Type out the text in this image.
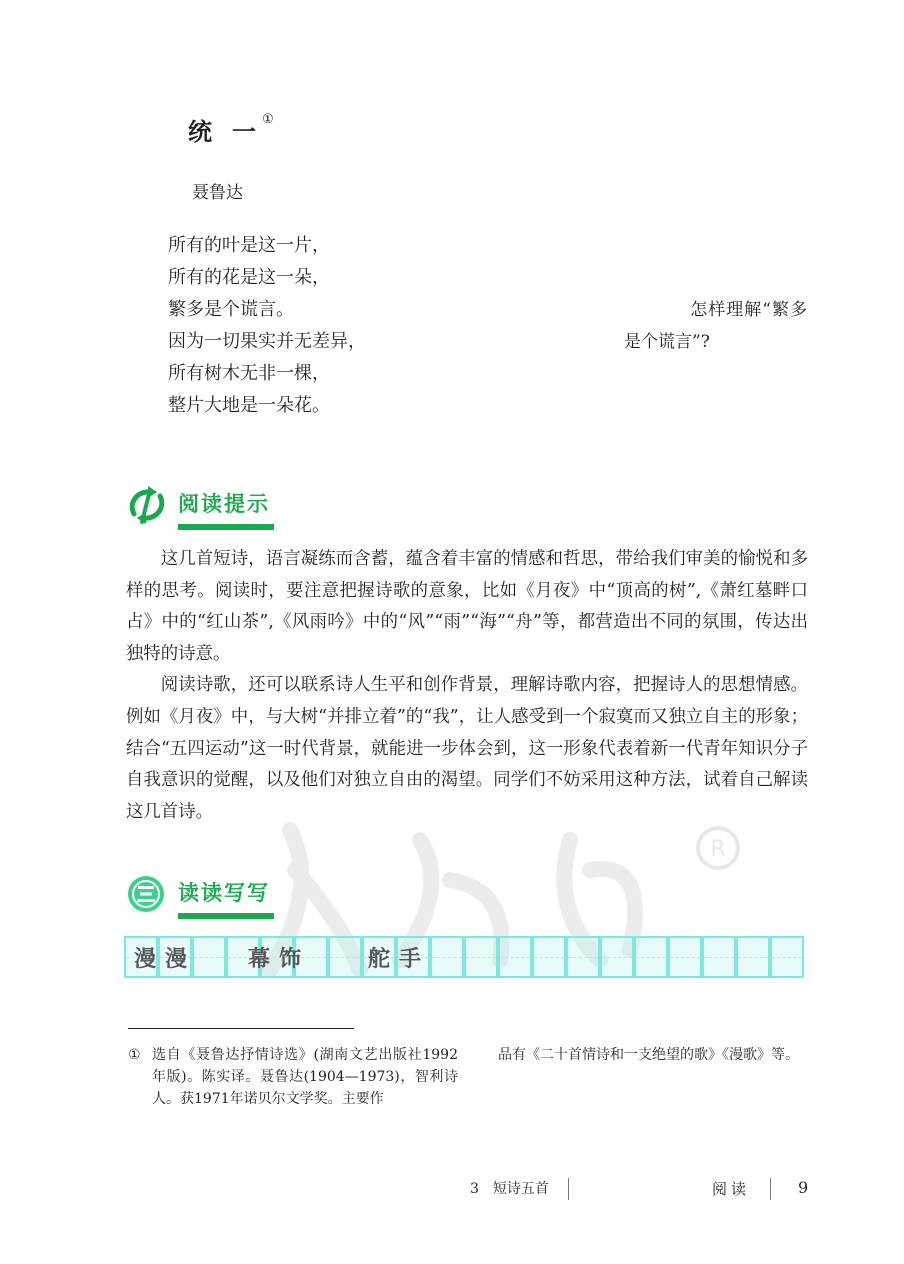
统 一 ①
聂鲁达
所有的叶是这一片，
所有的花是这一朵，
繁多是个谎言。
因为一切果实并无差异，
所有树木无非一棵，
整片大地是一朵花。
怎样理解“繁多
是个谎言”?
阅读提示

这几首短诗，语言凝练而含蓄，蕴含着丰富的情感和哲思，带给我们审美的愉悦和多样的思考。阅读时，要注意把握诗歌的意象，比如《月夜》中“顶高的树”,《萧红墓畔口占》中的“红山茶”,《风雨吟》中的“风”“雨”“海”“舟”等，都营造出不同的氛围，传达出独特的诗意。

阅读诗歌，还可以联系诗人生平和创作背景，理解诗歌内容，把握诗人的思想情感。例如《月夜》中，与大树“并排立着”的“我”，让人感受到一个寂寞而又独立自主的形象；结合“五四运动”这一时代背景，就能进一步体会到，这一形象代表着新一代青年知识分子自我意识的觉醒，以及他们对独立自由的渴望。同学们不妨采用这种方法，试着自己解读这几首诗。

R
读读写写
漫漫 幕饰	舵手
① 选自《聂鲁达抒情诗选》(湖南文艺出版社1992年版)。陈实译。聂鲁达(1904—1973)，智利诗人。获1971年诺贝尔文学奖。主要作
品有《二十首情诗和一支绝望的歌》《漫歌》等。
3　短诗五首	阅读	9
